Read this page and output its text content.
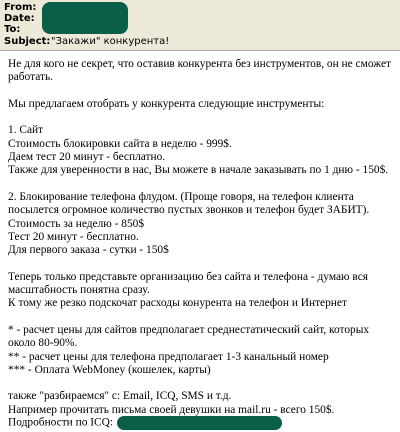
From:
Date:
To:
Subject: "Закажи" конкурента!

Не для кого не секрет, что оставив конкурента без инструментов, он не сможет работать.

Мы предлагаем отобрать у конкурента следующие инструменты:

1. Сайт
Стоимость блокировки сайта в неделю - 999$.
Даем тест 20 минут - бесплатно.
Также для уверенности в нас, Вы можете в начале заказывать по 1 дню - 150$.

2. Блокирование телефона флудом. (Проще говоря, на телефон клиента посылется огромное количество пустых звонков и телефон будет ЗАБИТ).
Стоимость за неделю - 850$
Тест 20 минут - бесплатно.
Для первого заказа - сутки - 150$

Теперь только представьте организацию без сайта и телефона - думаю вся масштабность понятна сразу.
К тому же резко подскочат расходы конурента на телефон и Интернет

* - расчет цены для сайтов предполагает среднестатический сайт, которых около 80-90%.
** - расчет цены для телефона предполагает 1-3 канальный номер
*** - Оплата WebMoney (кошелек, карты)

также "разбираемся" с: Email, ICQ, SMS и т.д.
Например прочитать письма своей девушки на mail.ru - всего 150$.

Подробности по ICQ:
